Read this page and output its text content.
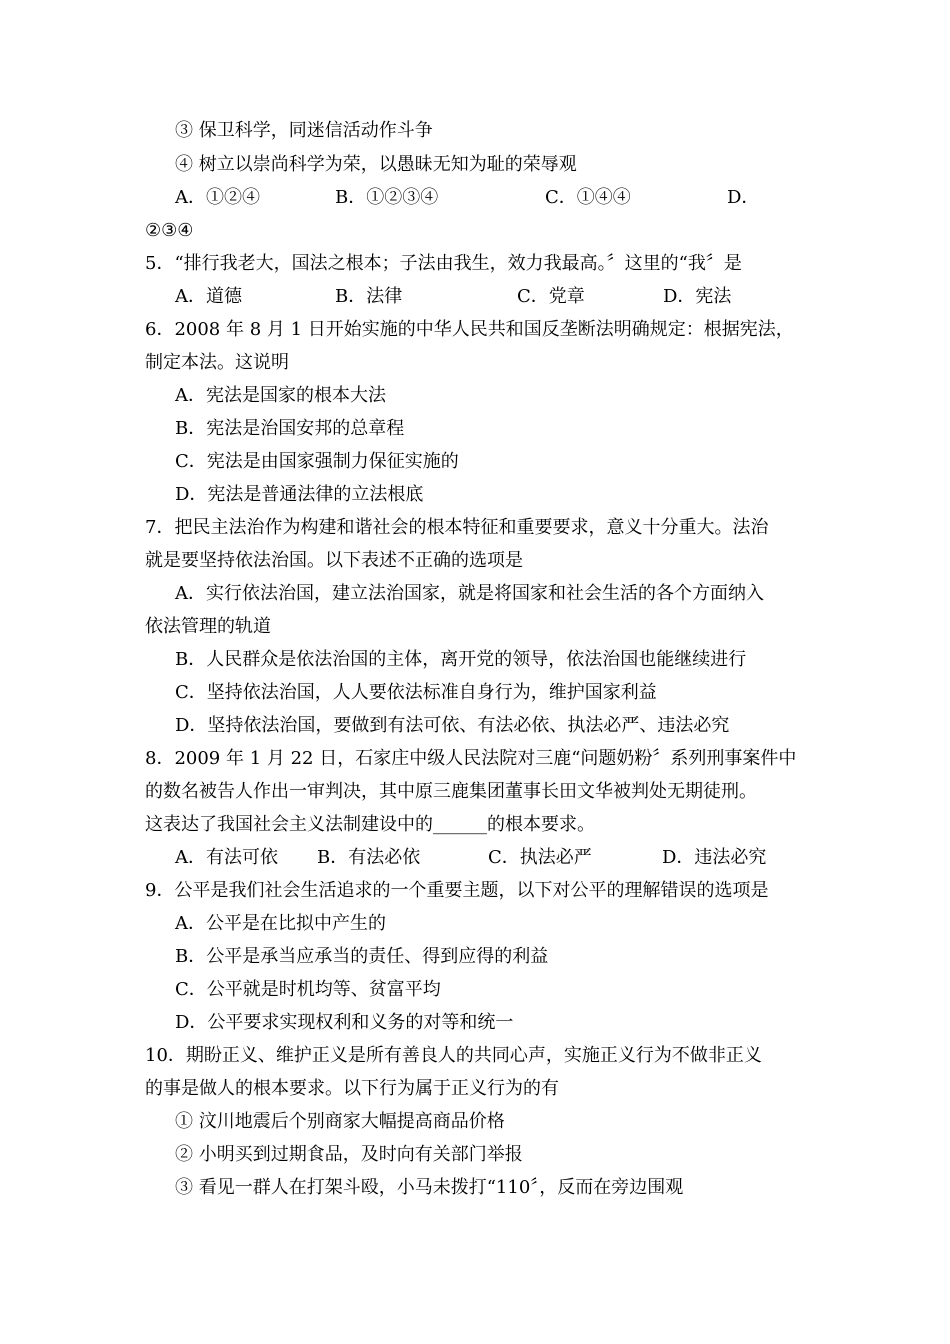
③ 保卫科学，同迷信活动作斗争
④ 树立以崇尚科学为荣，以愚昧无知为耻的荣辱观
A．①②④	B．①②③④	C．①④④	D．
②③④
5．“排行我老大，国法之根本；子法由我生，效力我最高。〞这里的“我〞是
A．道德	B．法律	C．党章	D．宪法
6．2008 年 8 月 1 日开始实施的中华人民共和国反垄断法明确规定：根据宪法，
制定本法。这说明
A．宪法是国家的根本大法
B．宪法是治国安邦的总章程
C．宪法是由国家强制力保征实施的
D．宪法是普通法律的立法根底
7．把民主法治作为构建和谐社会的根本特征和重要要求，意义十分重大。法治
就是要坚持依法治国。以下表述不正确的选项是
A．实行依法治国，建立法治国家，就是将国家和社会生活的各个方面纳入
依法管理的轨道
B．人民群众是依法治国的主体，离开党的领导，依法治国也能继续进行
C．坚持依法治国，人人要依法标准自身行为，维护国家利益
D．坚持依法治国，要做到有法可依、有法必依、执法必严、违法必究
8．2009 年 1 月 22 日，石家庄中级人民法院对三鹿“问题奶粉〞系列刑事案件中
的数名被告人作出一审判决，其中原三鹿集团董事长田文华被判处无期徒刑。
这表达了我国社会主义法制建设中的______的根本要求。
A．有法可依 B．有法必依	C．执法必严	D．违法必究
9．公平是我们社会生活追求的一个重要主题，以下对公平的理解错误的选项是
A．公平是在比拟中产生的
B．公平是承当应承当的责任、得到应得的利益
C．公平就是时机均等、贫富平均
D．公平要求实现权利和义务的对等和统一
10．期盼正义、维护正义是所有善良人的共同心声，实施正义行为不做非正义
的事是做人的根本要求。以下行为属于正义行为的有
① 汶川地震后个别商家大幅提高商品价格
② 小明买到过期食品，及时向有关部门举报
③ 看见一群人在打架斗殴，小马未拨打“110〞，反而在旁边围观
